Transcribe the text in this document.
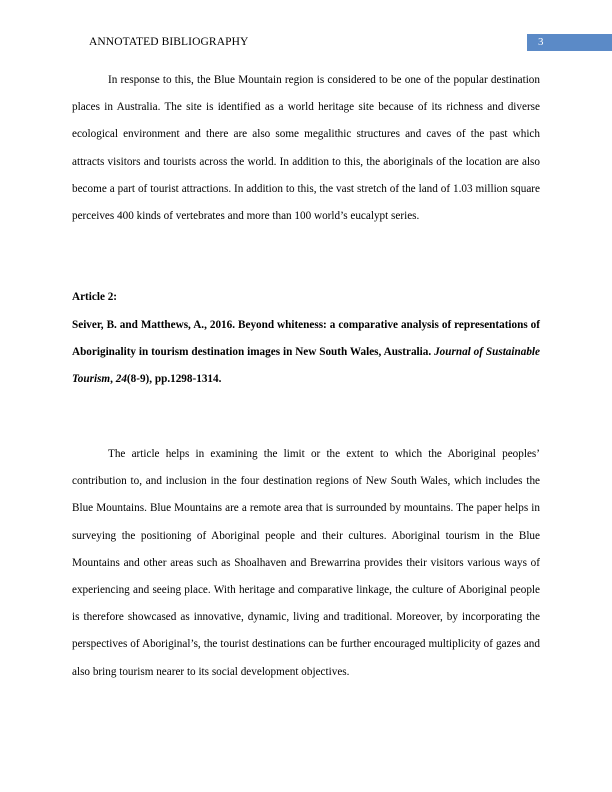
ANNOTATED BIBLIOGRAPHY	3

In response to this, the Blue Mountain region is considered to be one of the popular destination places in Australia. The site is identified as a world heritage site because of its richness and diverse ecological environment and there are also some megalithic structures and caves of the past which attracts visitors and tourists across the world. In addition to this, the aboriginals of the location are also become a part of tourist attractions. In addition to this, the vast stretch of the land of 1.03 million square perceives 400 kinds of vertebrates and more than 100 world’s eucalypt series.

Article 2:

Seiver, B. and Matthews, A., 2016. Beyond whiteness: a comparative analysis of representations of Aboriginality in tourism destination images in New South Wales, Australia. Journal of Sustainable Tourism, 24(8-9), pp.1298-1314.

The article helps in examining the limit or the extent to which the Aboriginal peoples’ contribution to, and inclusion in the four destination regions of New South Wales, which includes the Blue Mountains. Blue Mountains are a remote area that is surrounded by mountains. The paper helps in surveying the positioning of Aboriginal people and their cultures. Aboriginal tourism in the Blue Mountains and other areas such as Shoalhaven and Brewarrina provides their visitors various ways of experiencing and seeing place. With heritage and comparative linkage, the culture of Aboriginal people is therefore showcased as innovative, dynamic, living and traditional. Moreover, by incorporating the perspectives of Aboriginal’s, the tourist destinations can be further encouraged multiplicity of gazes and also bring tourism nearer to its social development objectives.
